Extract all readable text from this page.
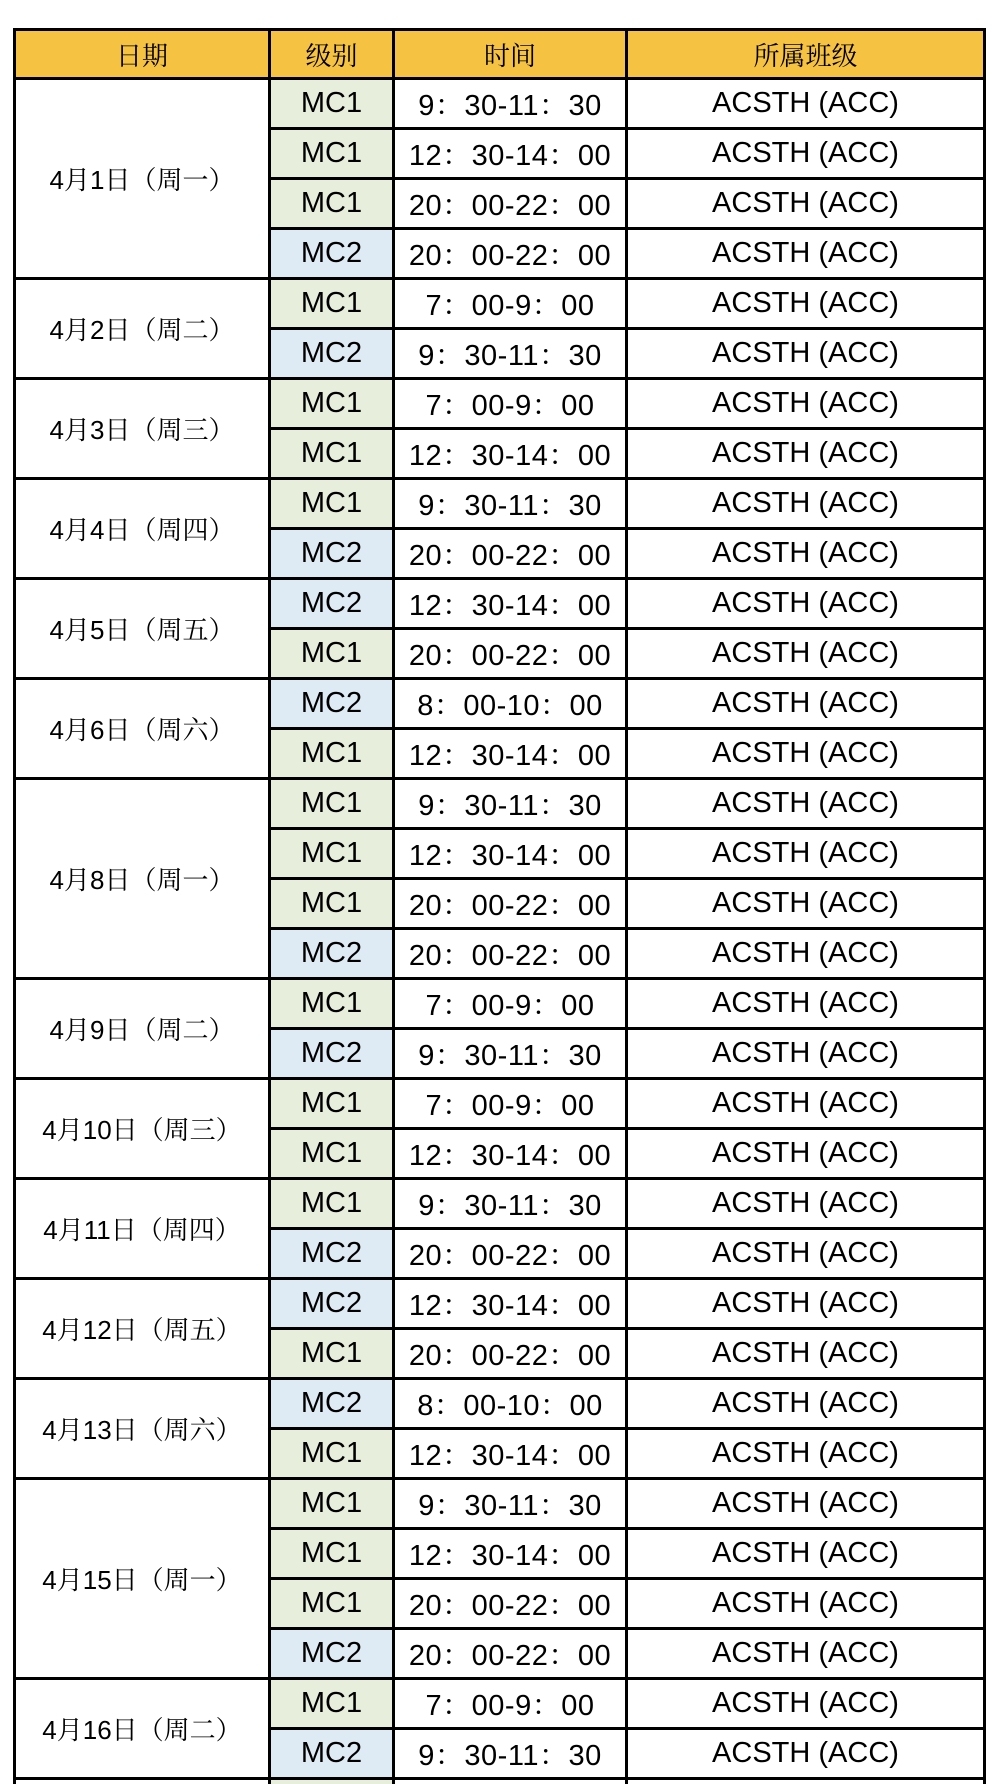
日期	级别	时间	所属班级
4月1日（周一）	MC1	9：30-11：30	ACSTH (ACC)
	MC1	12：30-14：00	ACSTH (ACC)
	MC1	20：00-22：00	ACSTH (ACC)
	MC2	20：00-22：00	ACSTH (ACC)
4月2日（周二）	MC1	7：00-9：00	ACSTH (ACC)
	MC2	9：30-11：30	ACSTH (ACC)
4月3日（周三）	MC1	7：00-9：00	ACSTH (ACC)
	MC1	12：30-14：00	ACSTH (ACC)
4月4日（周四）	MC1	9：30-11：30	ACSTH (ACC)
	MC2	20：00-22：00	ACSTH (ACC)
4月5日（周五）	MC2	12：30-14：00	ACSTH (ACC)
	MC1	20：00-22：00	ACSTH (ACC)
4月6日（周六）	MC2	8：00-10：00	ACSTH (ACC)
	MC1	12：30-14：00	ACSTH (ACC)
4月8日（周一）	MC1	9：30-11：30	ACSTH (ACC)
	MC1	12：30-14：00	ACSTH (ACC)
	MC1	20：00-22：00	ACSTH (ACC)
	MC2	20：00-22：00	ACSTH (ACC)
4月9日（周二）	MC1	7：00-9：00	ACSTH (ACC)
	MC2	9：30-11：30	ACSTH (ACC)
4月10日（周三）	MC1	7：00-9：00	ACSTH (ACC)
	MC1	12：30-14：00	ACSTH (ACC)
4月11日（周四）	MC1	9：30-11：30	ACSTH (ACC)
	MC2	20：00-22：00	ACSTH (ACC)
4月12日（周五）	MC2	12：30-14：00	ACSTH (ACC)
	MC1	20：00-22：00	ACSTH (ACC)
4月13日（周六）	MC2	8：00-10：00	ACSTH (ACC)
	MC1	12：30-14：00	ACSTH (ACC)
4月15日（周一）	MC1	9：30-11：30	ACSTH (ACC)
	MC1	12：30-14：00	ACSTH (ACC)
	MC1	20：00-22：00	ACSTH (ACC)
	MC2	20：00-22：00	ACSTH (ACC)
4月16日（周二）	MC1	7：00-9：00	ACSTH (ACC)
	MC2	9：30-11：30	ACSTH (ACC)
